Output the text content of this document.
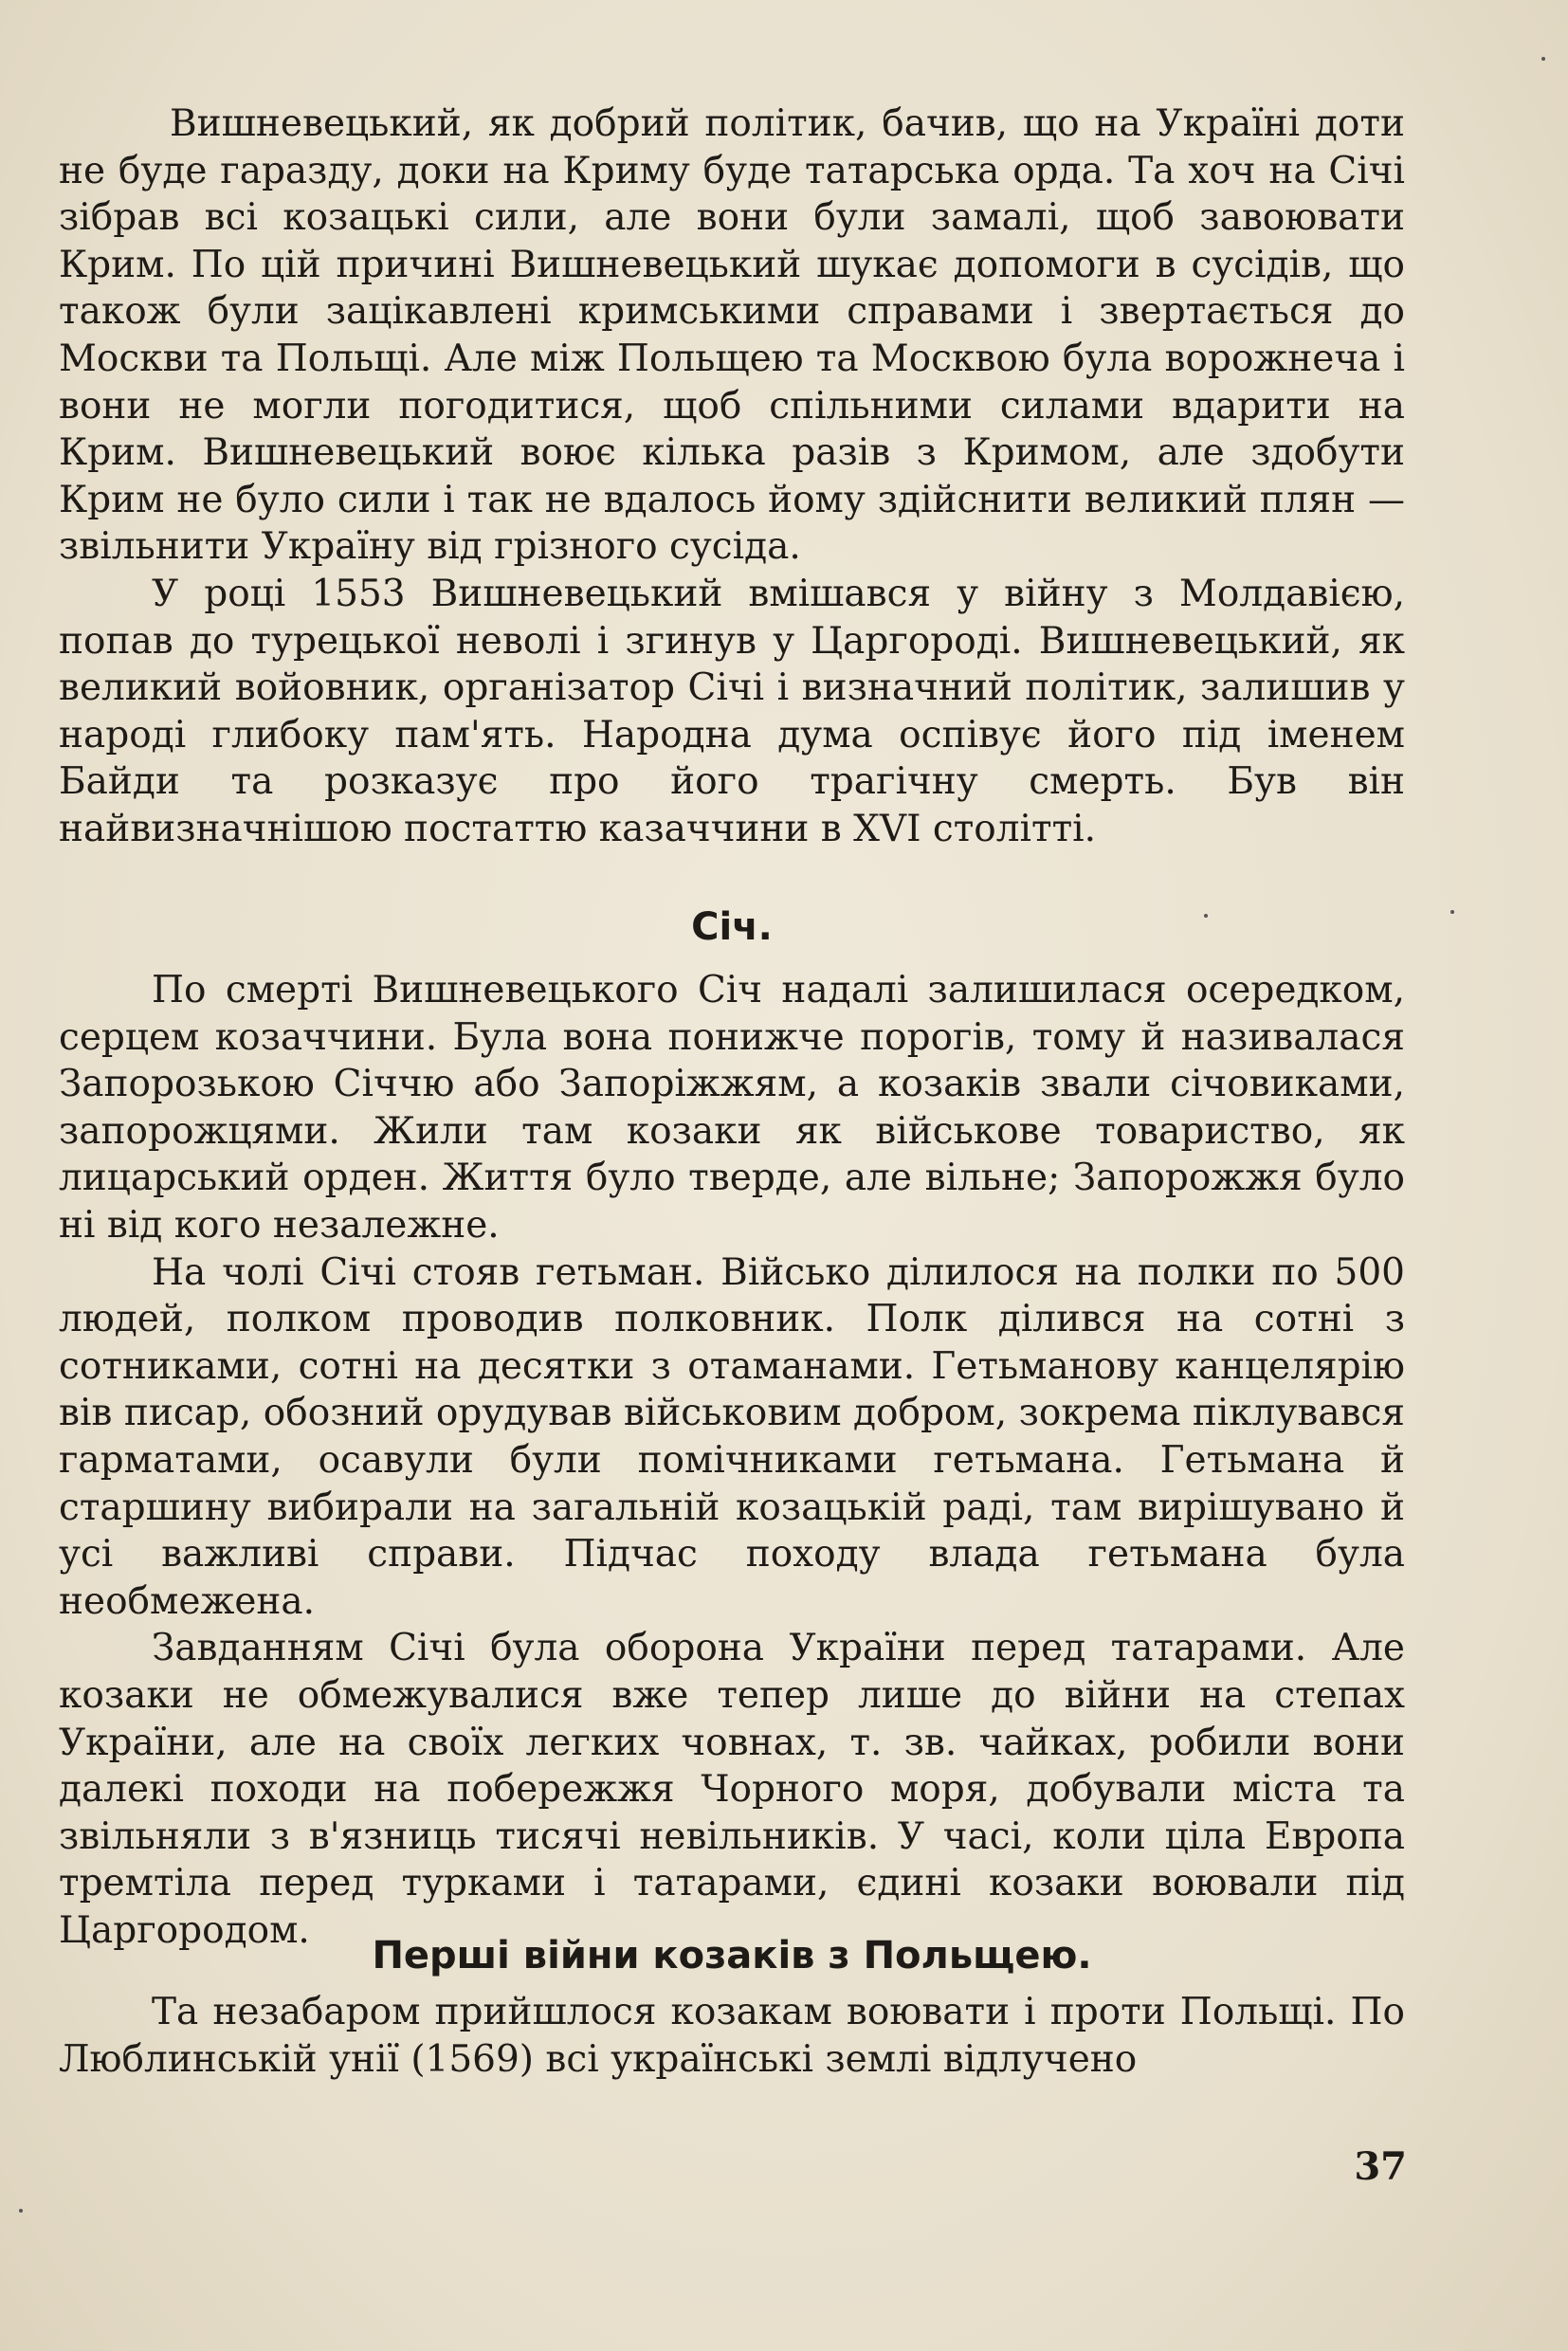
Вишневецький, як добрий політик, бачив, що на Україні доти не буде гаразду, доки на Криму буде татарська орда. Та хоч на Січі зібрав всі козацькі сили, але вони були замалі, щоб завоювати Крим. По цій причині Вишневецький шукає допомоги в сусідів, що також були зацікавлені кримськими справами і звертається до Москви та Польщі. Але між Польщею та Москвою була ворожнеча і вони не могли погодитися, щоб спільними силами вдарити на Крим. Вишневецький воює кілька разів з Кримом, але здобути Крим не було сили і так не вдалось йому здійснити великий плян — звільнити Україну від грізного сусіда.

У році 1553 Вишневецький вмішався у війну з Молдавією, попав до турецької неволі і згинув у Царгороді. Вишневецький, як великий войовник, організатор Січі і визначний політик, залишив у народі глибоку пам'ять. Народна дума оспівує його під іменем Байди та розказує про його трагічну смерть. Був він найвизначнішою постаттю казаччини в XVI столітті.

Січ.

По смерті Вишневецького Січ надалі залишилася осередком, серцем козаччини. Була вона понижче порогів, тому й називалася Запорозькою Січчю або Запоріжжям, а козаків звали січовиками, запорожцями. Жили там козаки як військове товариство, як лицарський орден. Життя було тверде, але вільне; Запорожжя було ні від кого незалежне.

На чолі Січі стояв гетьман. Військо ділилося на полки по 500 людей, полком проводив полковник. Полк ділився на сотні з сотниками, сотні на десятки з отаманами. Гетьманову канцелярію вів писар, обозний орудував військовим добром, зокрема піклувався гарматами, осавули були помічниками гетьмана. Гетьмана й старшину вибирали на загальній козацькій раді, там вирішувано й усі важливі справи. Підчас походу влада гетьмана була необмежена.

Завданням Січі була оборона України перед татарами. Але козаки не обмежувалися вже тепер лише до війни на степах України, але на своїх легких човнах, т. зв. чайках, робили вони далекі походи на побережжя Чорного моря, добували міста та звільняли з в'язниць тисячі невільників. У часі, коли ціла Европа тремтіла перед турками і татарами, єдині козаки воювали під Царгородом.

Перші війни козаків з Польщею.

Та незабаром прийшлося козакам воювати і проти Польщі. По Люблинській унії (1569) всі українські землі відлучено

37
